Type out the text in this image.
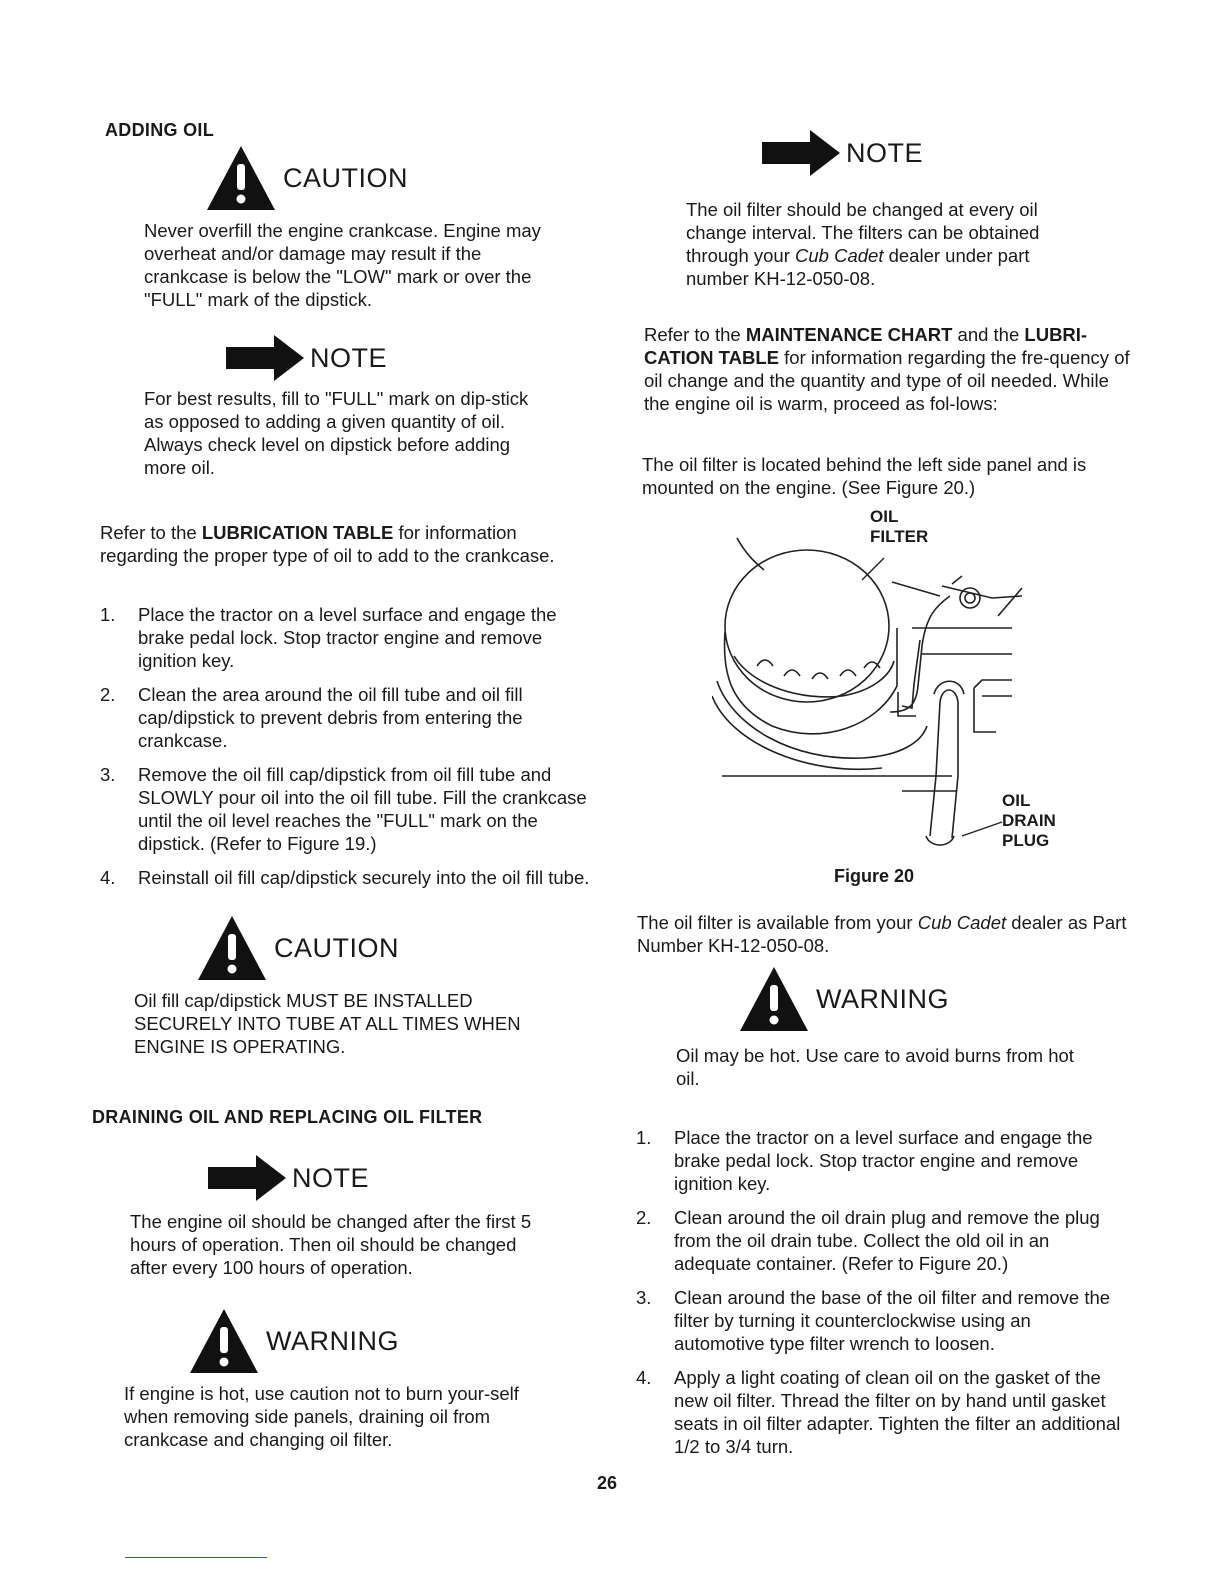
ADDING OIL
CAUTION
Never overfill the engine crankcase. Engine may overheat and/or damage may result if the crankcase is below the "LOW" mark or over the "FULL" mark of the dipstick.
NOTE
For best results, fill to "FULL" mark on dip-stick as opposed to adding a given quantity of oil. Always check level on dipstick before adding more oil.
Refer to the LUBRICATION TABLE for information regarding the proper type of oil to add to the crankcase.
1. Place the tractor on a level surface and engage the brake pedal lock. Stop tractor engine and remove ignition key.
2. Clean the area around the oil fill tube and oil fill cap/dipstick to prevent debris from entering the crankcase.
3. Remove the oil fill cap/dipstick from oil fill tube and SLOWLY pour oil into the oil fill tube. Fill the crankcase until the oil level reaches the "FULL" mark on the dipstick. (Refer to Figure 19.)
4. Reinstall oil fill cap/dipstick securely into the oil fill tube.
CAUTION
Oil fill cap/dipstick MUST BE INSTALLED SECURELY INTO TUBE AT ALL TIMES WHEN ENGINE IS OPERATING.
DRAINING OIL AND REPLACING OIL FILTER
NOTE
The engine oil should be changed after the first 5 hours of operation. Then oil should be changed after every 100 hours of operation.
WARNING
If engine is hot, use caution not to burn your-self when removing side panels, draining oil from crankcase and changing oil filter.
NOTE
The oil filter should be changed at every oil change interval. The filters can be obtained through your Cub Cadet dealer under part number KH-12-050-08.
Refer to the MAINTENANCE CHART and the LUBRI-CATION TABLE for information regarding the fre-quency of oil change and the quantity and type of oil needed. While the engine oil is warm, proceed as fol-lows:
The oil filter is located behind the left side panel and is mounted on the engine. (See Figure 20.)
OIL
FILTER
OIL
DRAIN
PLUG
Figure 20
The oil filter is available from your Cub Cadet dealer as Part Number KH-12-050-08.
WARNING
Oil may be hot. Use care to avoid burns from hot oil.
1. Place the tractor on a level surface and engage the brake pedal lock. Stop tractor engine and remove ignition key.
2. Clean around the oil drain plug and remove the plug from the oil drain tube. Collect the old oil in an adequate container. (Refer to Figure 20.)
3. Clean around the base of the oil filter and remove the filter by turning it counterclockwise using an automotive type filter wrench to loosen.
4. Apply a light coating of clean oil on the gasket of the new oil filter. Thread the filter on by hand until gasket seats in oil filter adapter. Tighten the filter an additional 1/2 to 3/4 turn.
26
